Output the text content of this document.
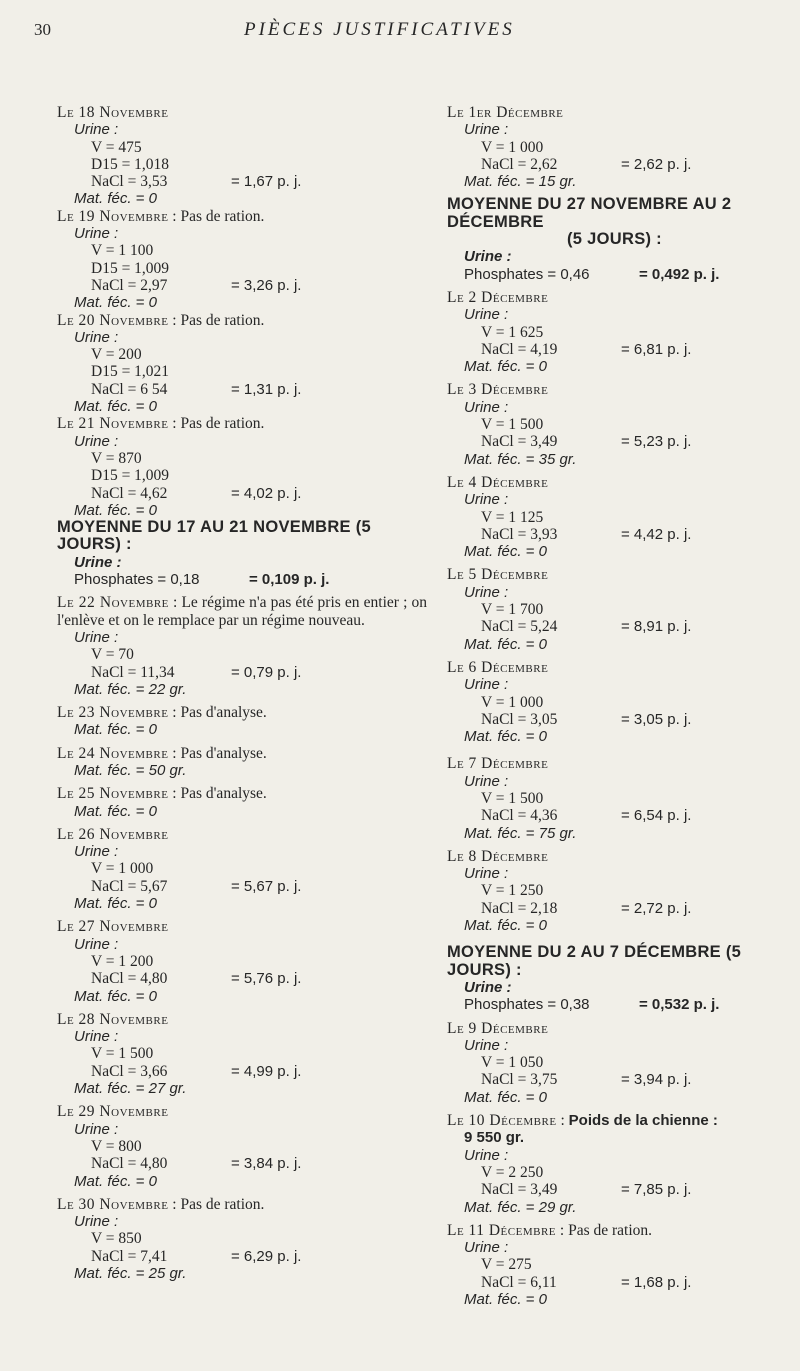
30	PIÈCES JUSTIFICATIVES
Le 18 Novembre
Urine :
V = 475
D15 = 1,018
NaCl = 3,53	= 1,67 p. j.
Mat. féc. = 0
Le 19 Novembre : Pas de ration.
Urine :
V = 1 100
D15 = 1,009
NaCl = 2,97	= 3,26 p. j.
Mat. féc. = 0
Le 20 Novembre : Pas de ration.
Urine :
V = 200
D15 = 1,021
NaCl = 6 54	= 1,31 p. j.
Mat. féc. = 0
Le 21 Novembre : Pas de ration.
Urine :
V = 870
D15 = 1,009
NaCl = 4,62	= 4,02 p. j.
Mat. féc. = 0
MOYENNE DU 17 AU 21 NOVEMBRE (5 JOURS) :
Urine :
Phosphates = 0,18	= 0,109 p. j.
Le 22 Novembre : Le régime n'a pas été pris en entier ; on l'enlève et on le remplace par un régime nouveau.
Urine :
V = 70
NaCl = 11,34	= 0,79 p. j.
Mat. féc. = 22 gr.
Le 23 Novembre : Pas d'analyse.
Mat. féc. = 0
Le 24 Novembre : Pas d'analyse.
Mat. féc. = 50 gr.
Le 25 Novembre : Pas d'analyse.
Mat. féc. = 0
Le 26 Novembre
Urine :
V = 1 000
NaCl = 5,67	= 5,67 p. j.
Mat. féc. = 0
Le 27 Novembre
Urine :
V = 1 200
NaCl = 4,80	= 5,76 p. j.
Mat. féc. = 0
Le 28 Novembre
Urine :
V = 1 500
NaCl = 3,66	= 4,99 p. j.
Mat. féc. = 27 gr.
Le 29 Novembre
Urine :
V = 800
NaCl = 4,80	= 3,84 p. j.
Mat. féc. = 0
Le 30 Novembre : Pas de ration.
Urine :
V = 850
NaCl = 7,41	= 6,29 p. j.
Mat. féc. = 25 gr.
Le 1er Décembre
Urine :
V = 1 000
NaCl = 2,62	= 2,62 p. j.
Mat. féc. = 15 gr.
MOYENNE DU 27 NOVEMBRE AU 2 DÉCEMBRE
(5 JOURS) :
Urine :
Phosphates = 0,46	= 0,492 p. j.
Le 2 Décembre
Urine :
V = 1 625
NaCl = 4,19	= 6,81 p. j.
Mat. féc. = 0
Le 3 Décembre
Urine :
V = 1 500
NaCl = 3,49	= 5,23 p. j.
Mat. féc. = 35 gr.
Le 4 Décembre
Urine :
V = 1 125
NaCl = 3,93	= 4,42 p. j.
Mat. féc. = 0
Le 5 Décembre
Urine :
V = 1 700
NaCl = 5,24	= 8,91 p. j.
Mat. féc. = 0
Le 6 Décembre
Urine :
V = 1 000
NaCl = 3,05	= 3,05 p. j.
Mat. féc. = 0
Le 7 Décembre
Urine :
V = 1 500
NaCl = 4,36	= 6,54 p. j.
Mat. féc. = 75 gr.
Le 8 Décembre
Urine :
V = 1 250
NaCl = 2,18	= 2,72 p. j.
Mat. féc. = 0
MOYENNE DU 2 AU 7 DÉCEMBRE (5 JOURS) :
Urine :
Phosphates = 0,38	= 0,532 p. j.
Le 9 Décembre
Urine :
V = 1 050
NaCl = 3,75	= 3,94 p. j.
Mat. féc. = 0
Le 10 Décembre : Poids de la chienne :
9 550 gr.
Urine :
V = 2 250
NaCl = 3,49	= 7,85 p. j.
Mat. féc. = 29 gr.
Le 11 Décembre : Pas de ration.
Urine :
V = 275
NaCl = 6,11	= 1,68 p. j.
Mat. féc. = 0
